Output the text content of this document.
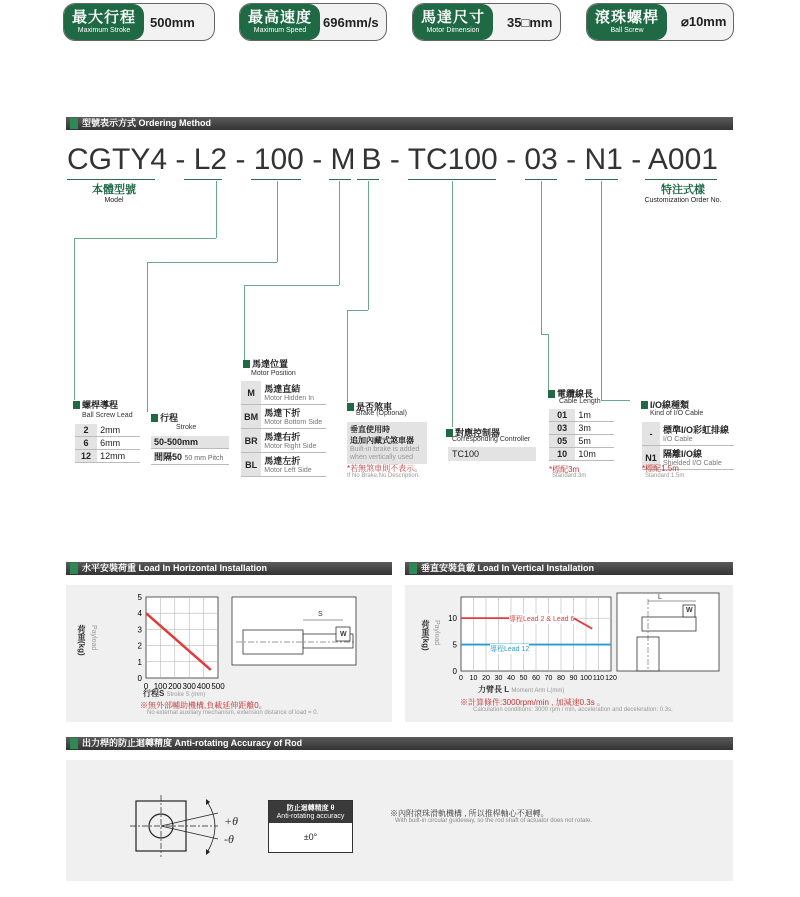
最大行程
Maximum Stroke
500mm	最高速度
Maximum Speed
696mm/s	馬達尺寸
Motor Dimension
35□mm	滾珠螺桿
Ball Screw
⌀10mm
型號表示方式 Ordering Method
CGTY4 - L2 - 100 - M B - TC100 - 03 - N1 - A001
本體型號
Model
特注式樣
Customization Order No.
螺桿導程
Ball Screw Lead
2	2mm
6	6mm
12	12mm
行程
Stroke
50-500mm
間隔50 50 mm Pitch
馬達位置
Motor Position
M	馬達直結
Motor Hidden In

BM	馬達下折
Motor Bottom Side

BR	馬達右折
Motor Right Side

BL	馬達左折
Motor Left Side
是否煞車
Brake (Optional)
垂直使用時
追加內藏式煞車器
Built-in brake is added
when vertically used
*若無煞車則不表示。
If No Brake,No Description.
對應控制器
Corresponding Controller
TC100
電纜線長
Cable Length
01	1m
03	3m
05	5m
10	10m
*標配3m
Standard:3m
I/O線種類
Kind of I/O Cable
-	標準I/O彩虹排線
I/O Cable

N1	隔離I/O線
Shielded I/O Cable
*標配1.5m
Standard:1.5m
水平安裝荷重 Load In Horizontal Installation
0 100 200 300 400 500
0
1
2
3
4
5
荷重(kg) Payload
行程S Stroke S (mm)
※無外部輔助機構,負載延伸距離0。
No external auxiliary mechanism, extension distance of load = 0.
S
W
垂直安裝負載 Load In Vertical Installation
0 10 20 30 40 50 60 70 80 90 100 110 120
5
10
0
荷重(kg) Payload
力臂長 L Moment Arm L(mm)
※計算條件:3000rpm/min , 加減速0.3s 。
Calculation conditions: 3000 rpm / min, acceleration and deceleration: 0.3s.
導程Lead 2 & Lead 6
導程Lead 12
L
W
出力桿的防止迴轉精度 Anti-rotating Accuracy of Rod
+θ
-θ
防止迴轉精度 θ
Anti-rotating accuracy
±0°
※內附滾珠滑軌機構 , 所以推桿軸心不迴轉。
With built-in circular guideway, so the rod shaft of actuator does not rotate.
